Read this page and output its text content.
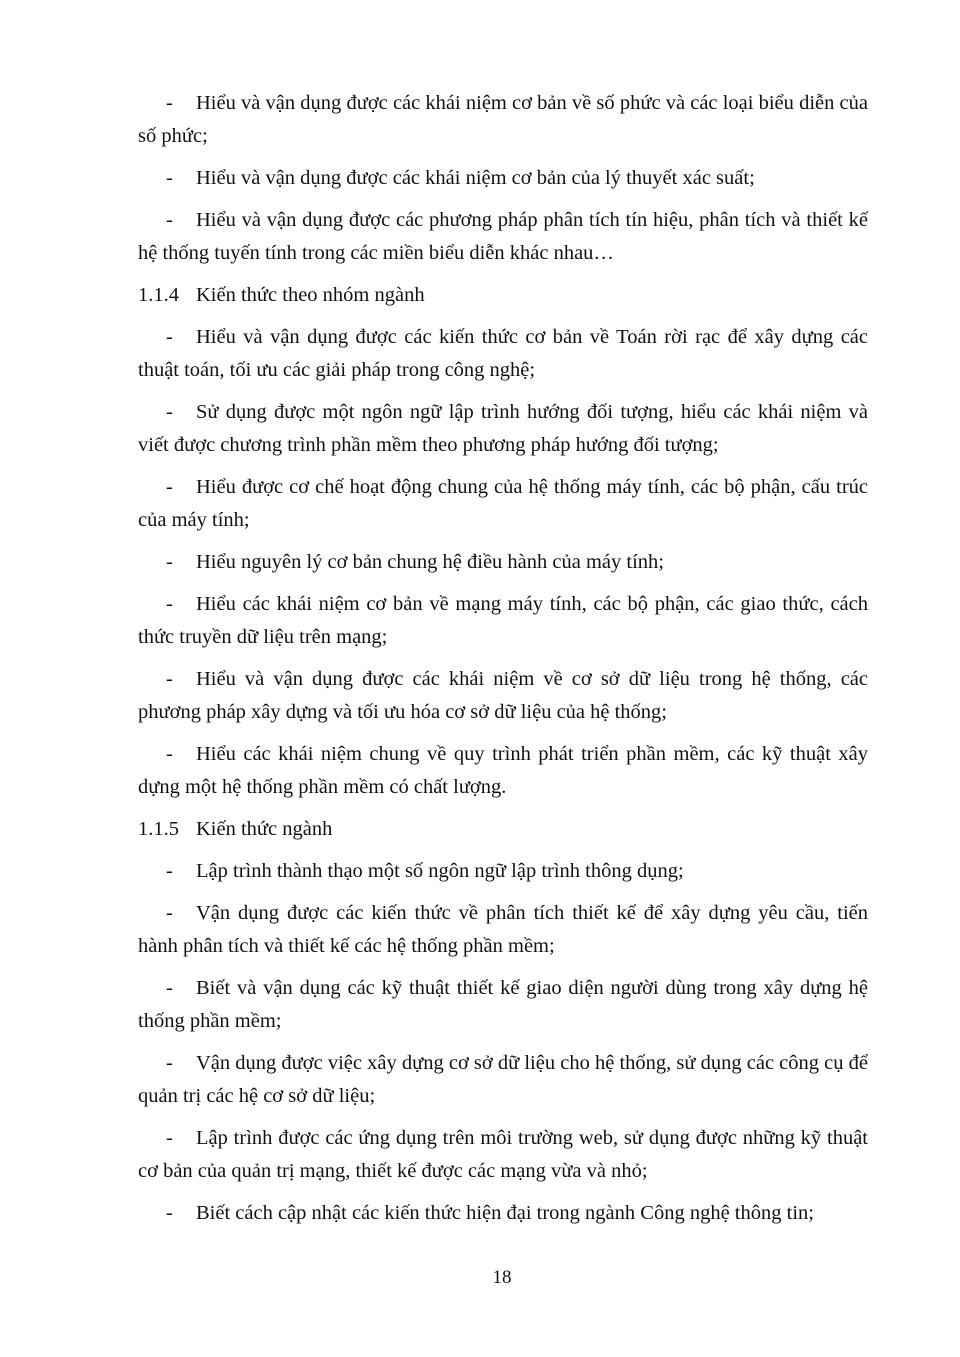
- Hiểu và vận dụng được các khái niệm cơ bản về số phức và các loại biểu diễn của số phức;

- Hiểu và vận dụng được các khái niệm cơ bản của lý thuyết xác suất;

- Hiểu và vận dụng được các phương pháp phân tích tín hiệu, phân tích và thiết kế hệ thống tuyến tính trong các miền biểu diễn khác nhau…

1.1.4 Kiến thức theo nhóm ngành

- Hiểu và vận dụng được các kiến thức cơ bản về Toán rời rạc để xây dựng các thuật toán, tối ưu các giải pháp trong công nghệ;

- Sử dụng được một ngôn ngữ lập trình hướng đối tượng, hiểu các khái niệm và viết được chương trình phần mềm theo phương pháp hướng đối tượng;

- Hiểu được cơ chế hoạt động chung của hệ thống máy tính, các bộ phận, cấu trúc của máy tính;

- Hiểu nguyên lý cơ bản chung hệ điều hành của máy tính;

- Hiểu các khái niệm cơ bản về mạng máy tính, các bộ phận, các giao thức, cách thức truyền dữ liệu trên mạng;

- Hiểu và vận dụng được các khái niệm về cơ sở dữ liệu trong hệ thống, các phương pháp xây dựng và tối ưu hóa cơ sở dữ liệu của hệ thống;

- Hiểu các khái niệm chung về quy trình phát triển phần mềm, các kỹ thuật xây dựng một hệ thống phần mềm có chất lượng.

1.1.5 Kiến thức ngành

- Lập trình thành thạo một số ngôn ngữ lập trình thông dụng;

- Vận dụng được các kiến thức về phân tích thiết kế để xây dựng yêu cầu, tiến hành phân tích và thiết kế các hệ thống phần mềm;

- Biết và vận dụng các kỹ thuật thiết kế giao diện người dùng trong xây dựng hệ thống phần mềm;

- Vận dụng được việc xây dựng cơ sở dữ liệu cho hệ thống, sử dụng các công cụ để quản trị các hệ cơ sở dữ liệu;

- Lập trình được các ứng dụng trên môi trường web, sử dụng được những kỹ thuật cơ bản của quản trị mạng, thiết kế được các mạng vừa và nhỏ;

- Biết cách cập nhật các kiến thức hiện đại trong ngành Công nghệ thông tin;

18
